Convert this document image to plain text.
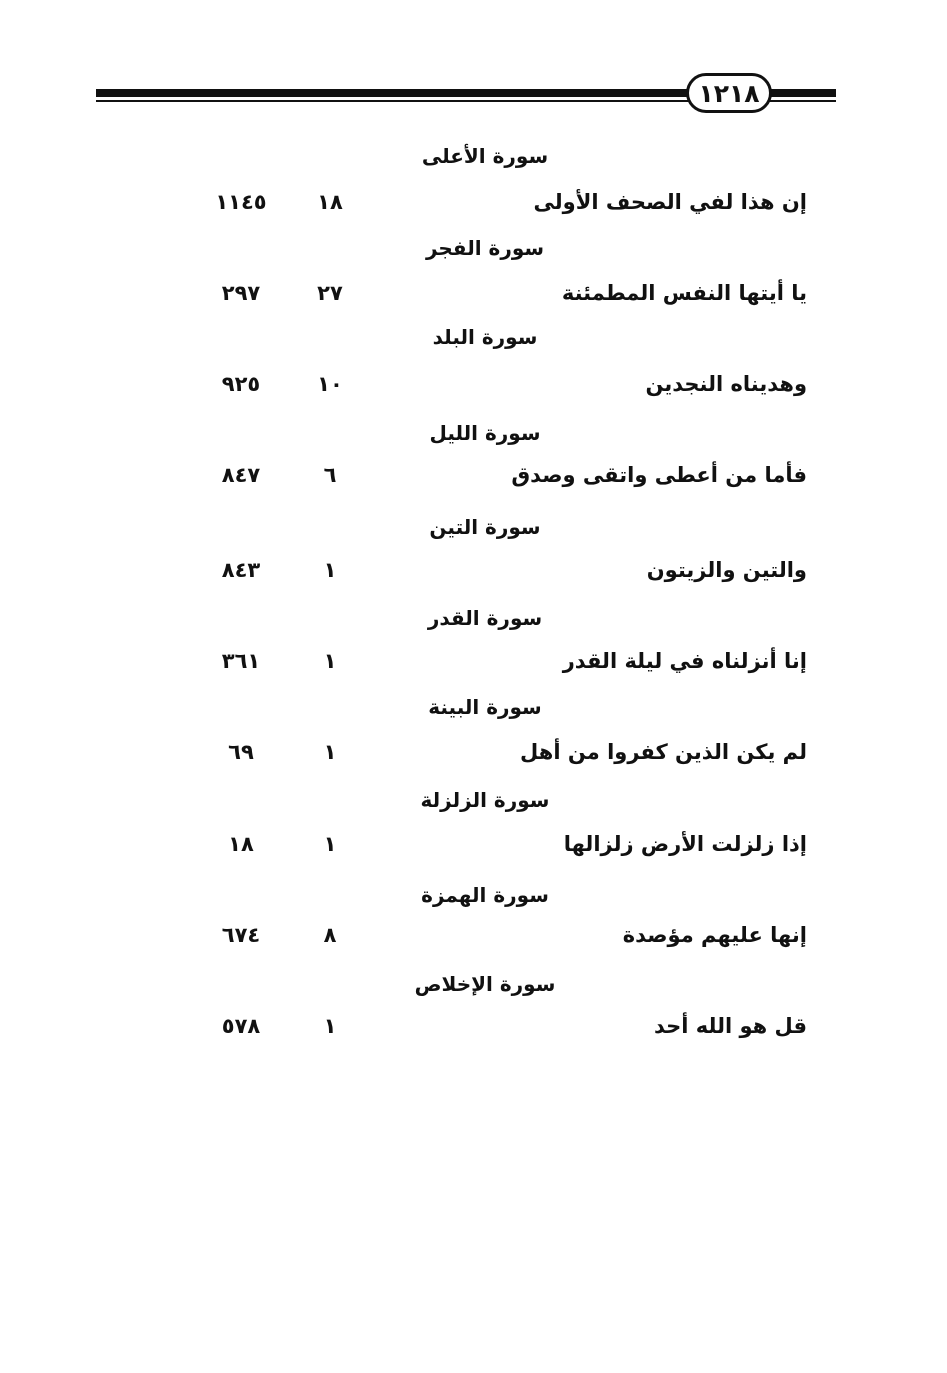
١٢١٨
سورة الأعلى
إن هذا لفي الصحف الأولى
١٨
١١٤٥
سورة الفجر
يا أيتها النفس المطمئنة
٢٧
٢٩٧
سورة البلد
وهديناه النجدين
١٠
٩٢٥
سورة الليل
فأما من أعطى واتقى وصدق
٦
٨٤٧
سورة التين
والتين والزيتون
١
٨٤٣
سورة القدر
إنا أنزلناه في ليلة القدر
١
٣٦١
سورة البينة
لم يكن الذين كفروا من أهل
١
٦٩
سورة الزلزلة
إذا زلزلت الأرض زلزالها
١
١٨
سورة الهمزة
إنها عليهم مؤصدة
٨
٦٧٤
سورة الإخلاص
قل هو الله أحد
١
٥٧٨
